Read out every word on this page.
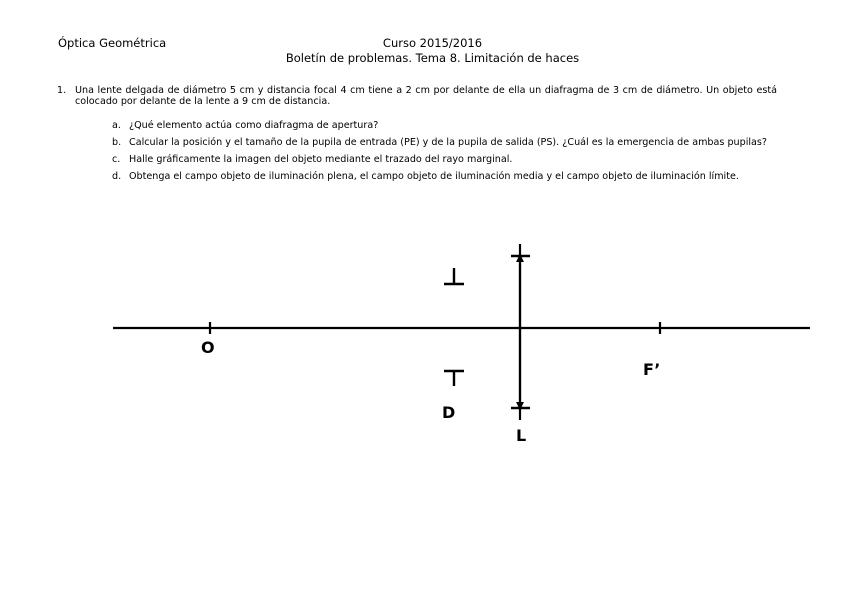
Óptica Geométrica	Curso 2015/2016
Boletín de problemas. Tema 8. Limitación de haces
1. Una lente delgada de diámetro 5 cm y distancia focal 4 cm tiene a 2 cm por delante de ella un diafragma de 3 cm de diámetro. Un objeto está colocado por delante de la lente a 9 cm de distancia.
a. ¿Qué elemento actúa como diafragma de apertura?
b. Calcular la posición y el tamaño de la pupila de entrada (PE) y de la pupila de salida (PS). ¿Cuál es la emergencia de ambas pupilas?
c. Halle gráficamente la imagen del objeto mediante el trazado del rayo marginal.
d. Obtenga el campo objeto de iluminación plena, el campo objeto de iluminación media y el campo objeto de iluminación límite.
O
F’
D
L
